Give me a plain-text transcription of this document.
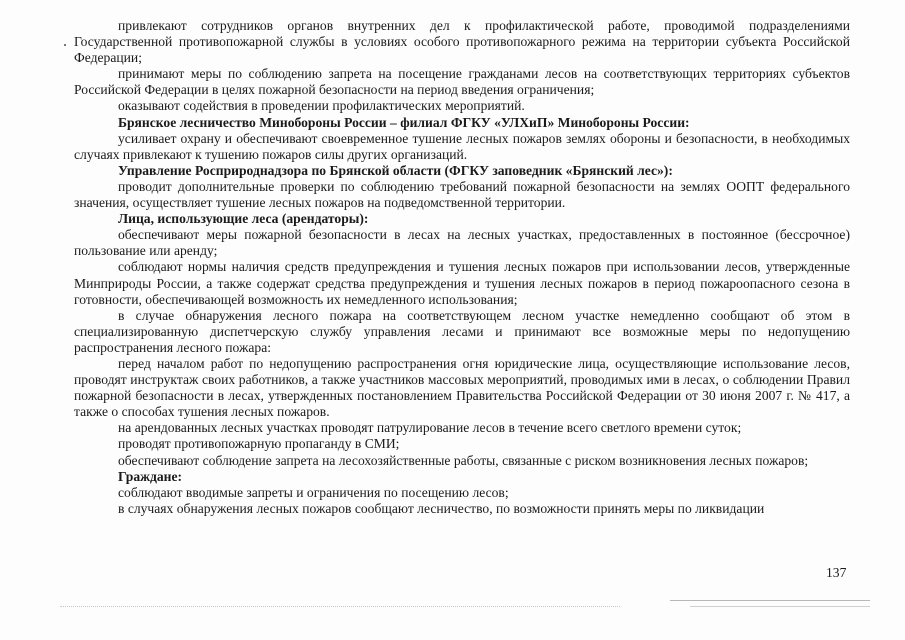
привлекают сотрудников органов внутренних дел к профилактической работе, проводимой подразделениями Государственной противопожарной службы в условиях особого противопожарного режима на территории субъекта Российской Федерации;

принимают меры по соблюдению запрета на посещение гражданами лесов на соответствующих территориях субъектов Российской Федерации в целях пожарной безопасности на период введения ограничения;

оказывают содействия в проведении профилактических мероприятий.

Брянское лесничество Минобороны России – филиал ФГКУ «УЛХиП» Минобороны России:

усиливает охрану и обеспечивают своевременное тушение лесных пожаров землях обороны и безопасности, в необходимых случаях привлекают к тушению пожаров силы других организаций.

Управление Росприроднадзора по Брянской области (ФГКУ заповедник «Брянский лес»):

проводит дополнительные проверки по соблюдению требований пожарной безопасности на землях ООПТ федерального значения, осуществляет тушение лесных пожаров на подведомственной территории.

Лица, использующие леса (арендаторы):

обеспечивают меры пожарной безопасности в лесах на лесных участках, предоставленных в постоянное (бессрочное) пользование или аренду;

соблюдают нормы наличия средств предупреждения и тушения лесных пожаров при использовании лесов, утвержденные Минприроды России, а также содержат средства предупреждения и тушения лесных пожаров в период пожароопасного сезона в готовности, обеспечивающей возможность их немедленного использования;

в случае обнаружения лесного пожара на соответствующем лесном участке немедленно сообщают об этом в специализированную диспетчерскую службу управления лесами и принимают все возможные меры по недопущению распространения лесного пожара:

перед началом работ по недопущению распространения огня юридические лица, осуществляющие использование лесов, проводят инструктаж своих работников, а также участников массовых мероприятий, проводимых ими в лесах, о соблюдении Правил пожарной безопасности в лесах, утвержденных постановлением Правительства Российской Федерации от 30 июня 2007 г. № 417, а также о способах тушения лесных пожаров.

на арендованных лесных участках проводят патрулирование лесов в течение всего светлого времени суток;

проводят противопожарную пропаганду в СМИ;

обеспечивают соблюдение запрета на лесохозяйственные работы, связанные с риском возникновения лесных пожаров;

Граждане:

соблюдают вводимые запреты и ограничения по посещению лесов;

в случаях обнаружения лесных пожаров сообщают лесничество, по возможности принять меры по ликвидации

137
